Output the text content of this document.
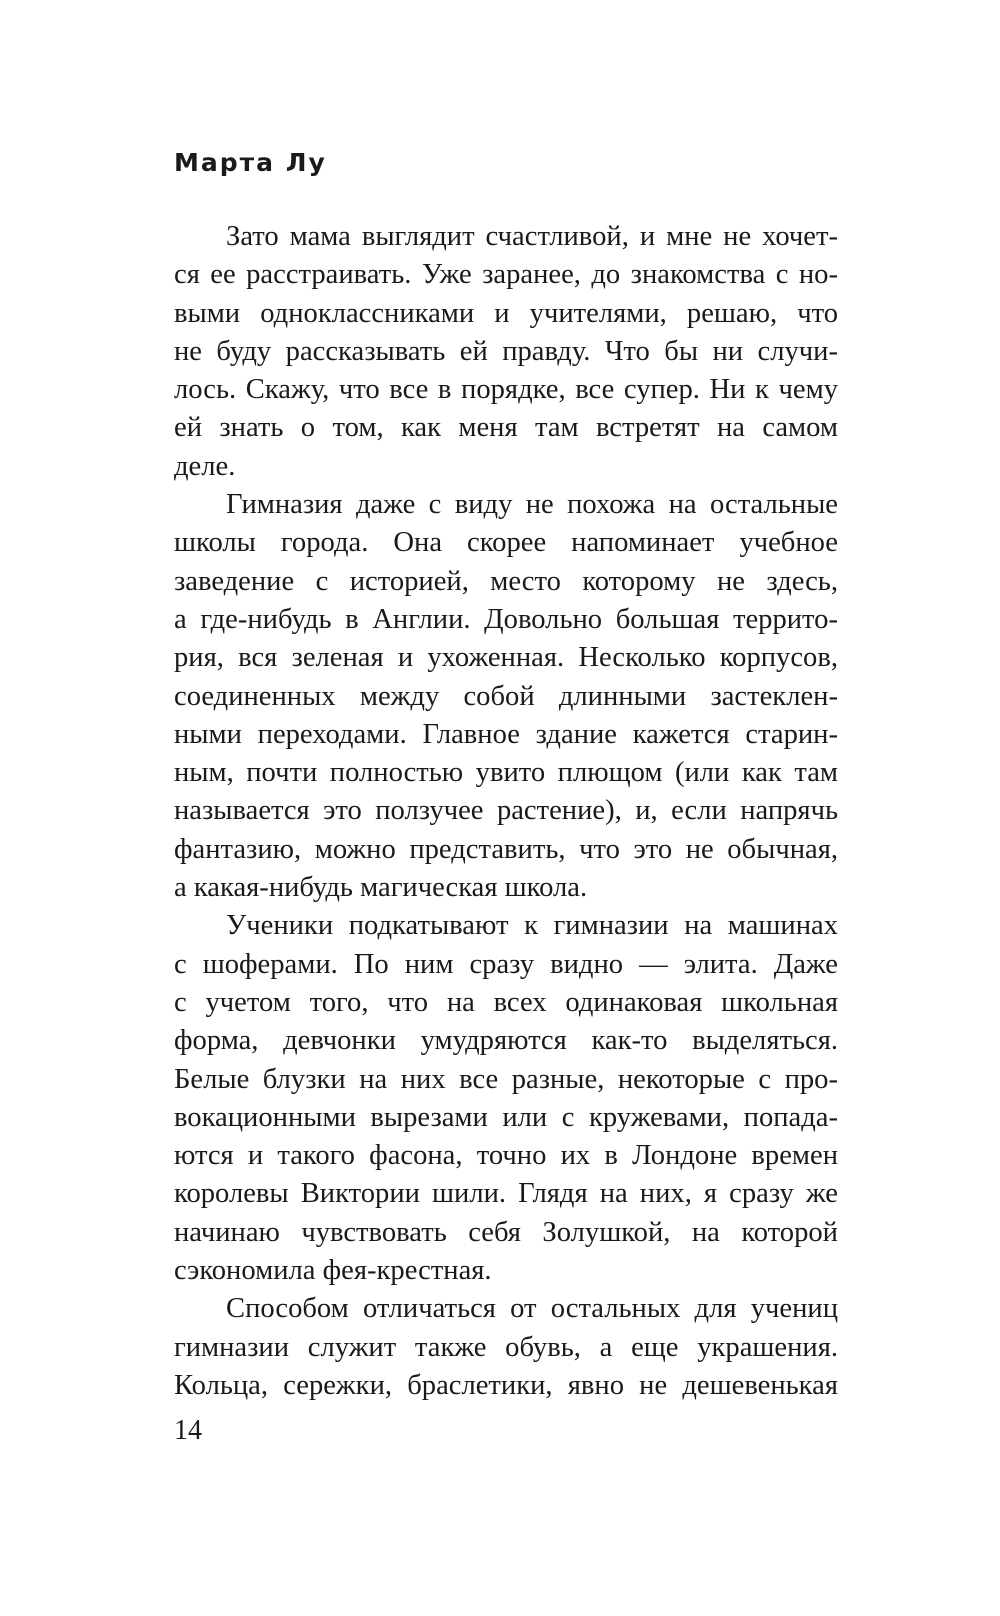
Марта Лу
Зато мама выглядит счастливой, и мне не хочет-
ся ее расстраивать. Уже заранее, до знакомства с но-
выми одноклассниками и учителями, решаю, что
не буду рассказывать ей правду. Что бы ни случи-
лось. Скажу, что все в порядке, все супер. Ни к чему
ей знать о том, как меня там встретят на самом
деле.
Гимназия даже с виду не похожа на остальные
школы города. Она скорее напоминает учебное
заведение с историей, место которому не здесь,
а где-нибудь в Англии. Довольно большая террито-
рия, вся зеленая и ухоженная. Несколько корпусов,
соединенных между собой длинными застеклен-
ными переходами. Главное здание кажется старин-
ным, почти полностью увито плющом (или как там
называется это ползучее растение), и, если напрячь
фантазию, можно представить, что это не обычная,
а какая-нибудь магическая школа.
Ученики подкатывают к гимназии на машинах
с шоферами. По ним сразу видно — элита. Даже
с учетом того, что на всех одинаковая школьная
форма, девчонки умудряются как-то выделяться.
Белые блузки на них все разные, некоторые с про-
вокационными вырезами или с кружевами, попада-
ются и такого фасона, точно их в Лондоне времен
королевы Виктории шили. Глядя на них, я сразу же
начинаю чувствовать себя Золушкой, на которой
сэкономила фея-крестная.
Способом отличаться от остальных для учениц
гимназии служит также обувь, а еще украшения.
Кольца, сережки, браслетики, явно не дешевенькая
14
